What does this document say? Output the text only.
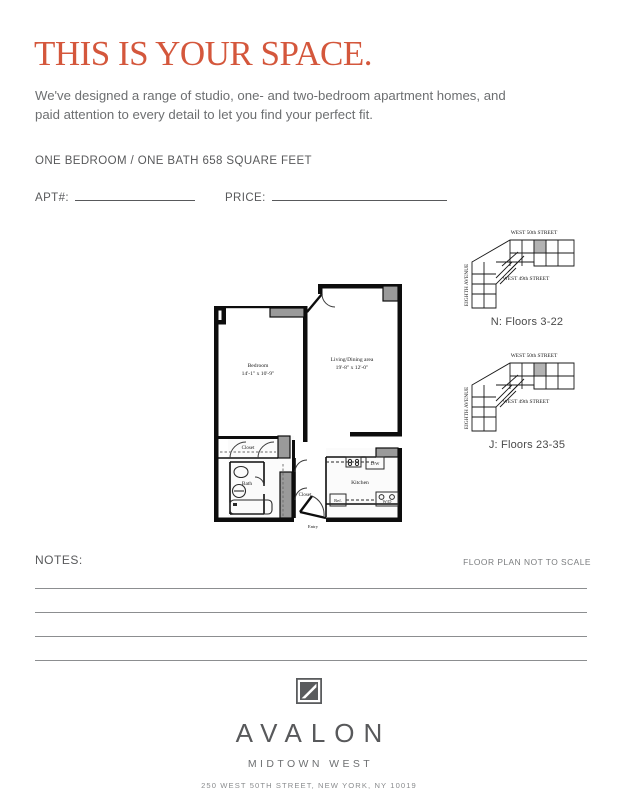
THIS IS YOUR SPACE.
We've designed a range of studio, one- and two-bedroom apartment homes, and
paid attention to every detail to let you find your perfect fit.
ONE BEDROOM / ONE BATH 658 SQUARE FEET
APT#:	PRICE:
WEST 50th STREET
WEST 49th STREET
EIGHTH AVENUE
N: Floors 3-22
WEST 50th STREET
WEST 49th STREET
EIGHTH AVENUE
J: Floors 23-35
Bedroom
14'-1" x 10'-9"
Living/Dining area
19'-8" x 12'-0"
Closet
Bath
Closet
Kitchen
D/W
Ref.	W/D
Entry
NOTES:	FLOOR PLAN NOT TO SCALE
AVALON
MIDTOWN WEST
250 WEST 50TH STREET, NEW YORK, NY 10019
